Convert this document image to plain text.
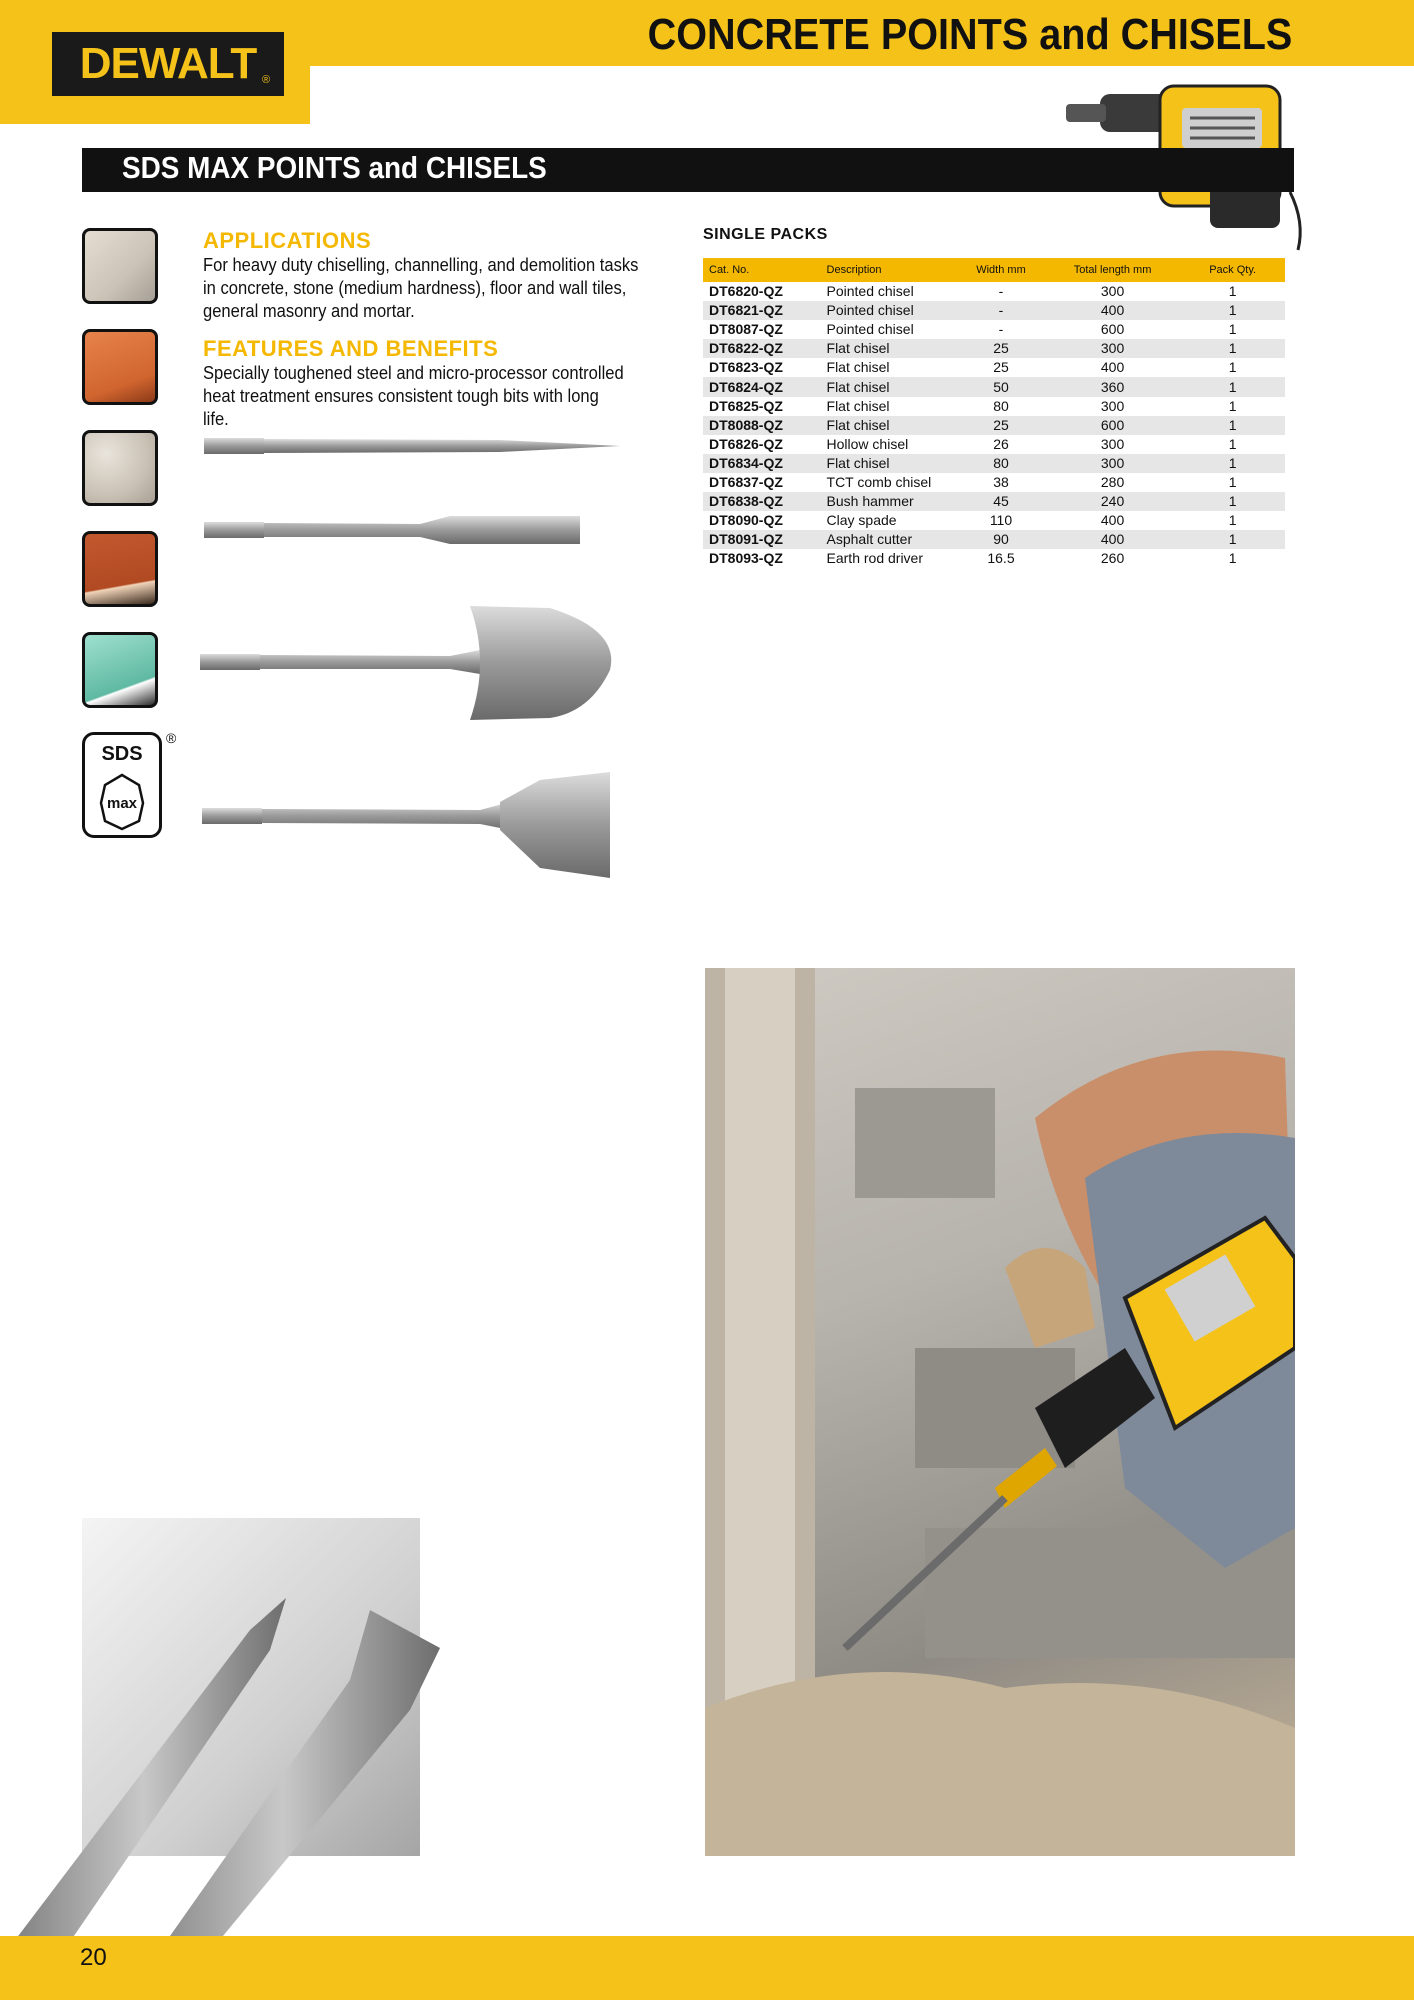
DEWALT ®
CONCRETE POINTS and CHISELS
SDS MAX POINTS and CHISELS
SDS
max
®
APPLICATIONS
For heavy duty chiselling, channelling, and demolition tasks in concrete, stone (medium hardness), floor and wall tiles, general masonry and mortar.
FEATURES AND BENEFITS
Specially toughened steel and micro-processor controlled heat treatment ensures consistent tough bits with long life.
SINGLE PACKS
Cat. No.	Description	Width mm	Total length mm	Pack Qty.
DT6820-QZ	Pointed chisel	-	300	1
DT6821-QZ	Pointed chisel	-	400	1
DT8087-QZ	Pointed chisel	-	600	1
DT6822-QZ	Flat chisel	25	300	1
DT6823-QZ	Flat chisel	25	400	1
DT6824-QZ	Flat chisel	50	360	1
DT6825-QZ	Flat chisel	80	300	1
DT8088-QZ	Flat chisel	25	600	1
DT6826-QZ	Hollow chisel	26	300	1
DT6834-QZ	Flat chisel	80	300	1
DT6837-QZ	TCT comb chisel	38	280	1
DT6838-QZ	Bush hammer	45	240	1
DT8090-QZ	Clay spade	110	400	1
DT8091-QZ	Asphalt cutter	90	400	1
DT8093-QZ	Earth rod driver	16.5	260	1
20
